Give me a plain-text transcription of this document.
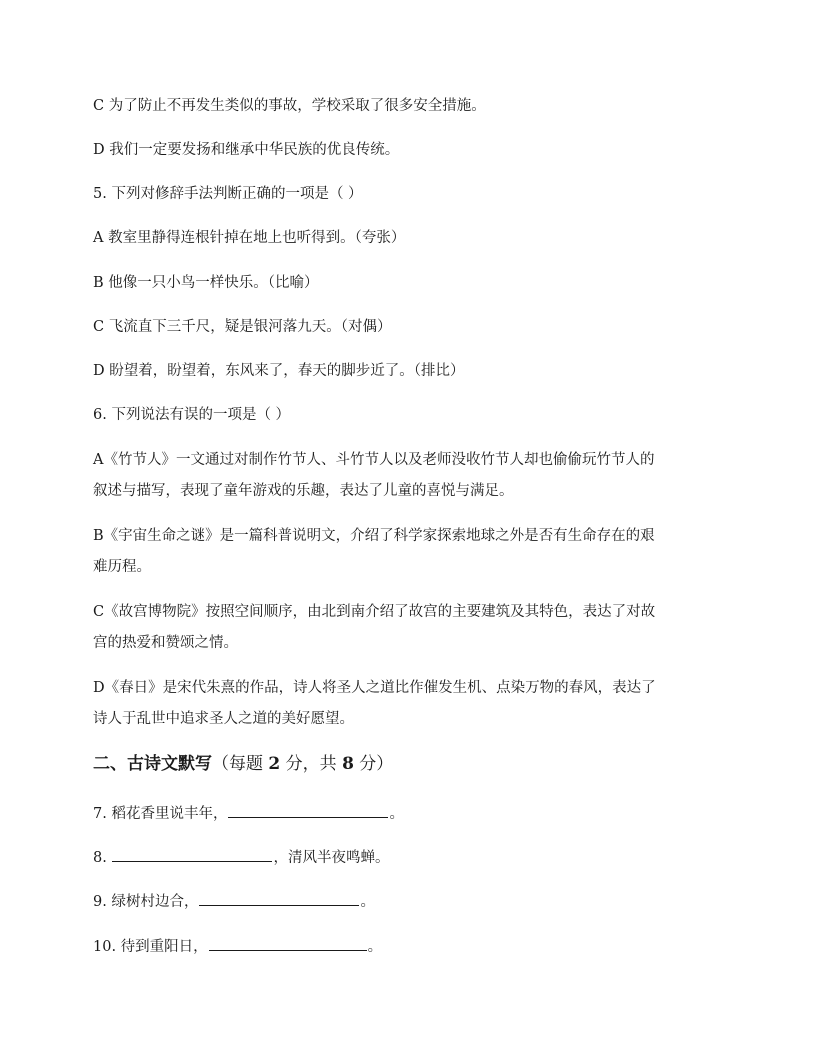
C 为了防止不再发生类似的事故，学校采取了很多安全措施。
D 我们一定要发扬和继承中华民族的优良传统。
5. 下列对修辞手法判断正确的一项是（ ）
A 教室里静得连根针掉在地上也听得到。（夸张）
B 他像一只小鸟一样快乐。（比喻）
C 飞流直下三千尺，疑是银河落九天。（对偶）
D 盼望着，盼望着，东风来了，春天的脚步近了。（排比）
6. 下列说法有误的一项是（ ）
A《竹节人》一文通过对制作竹节人、斗竹节人以及老师没收竹节人却也偷偷玩竹节人的
叙述与描写，表现了童年游戏的乐趣，表达了儿童的喜悦与满足。
B《宇宙生命之谜》是一篇科普说明文，介绍了科学家探索地球之外是否有生命存在的艰
难历程。
C《故宫博物院》按照空间顺序，由北到南介绍了故宫的主要建筑及其特色，表达了对故
宫的热爱和赞颂之情。
D《春日》是宋代朱熹的作品，诗人将圣人之道比作催发生机、点染万物的春风，表达了
诗人于乱世中追求圣人之道的美好愿望。
二、古诗文默写（每题 2 分，共 8 分）
7. 稻花香里说丰年，	。
8.	，清风半夜鸣蝉。
9. 绿树村边合，	。
10. 待到重阳日，	。
